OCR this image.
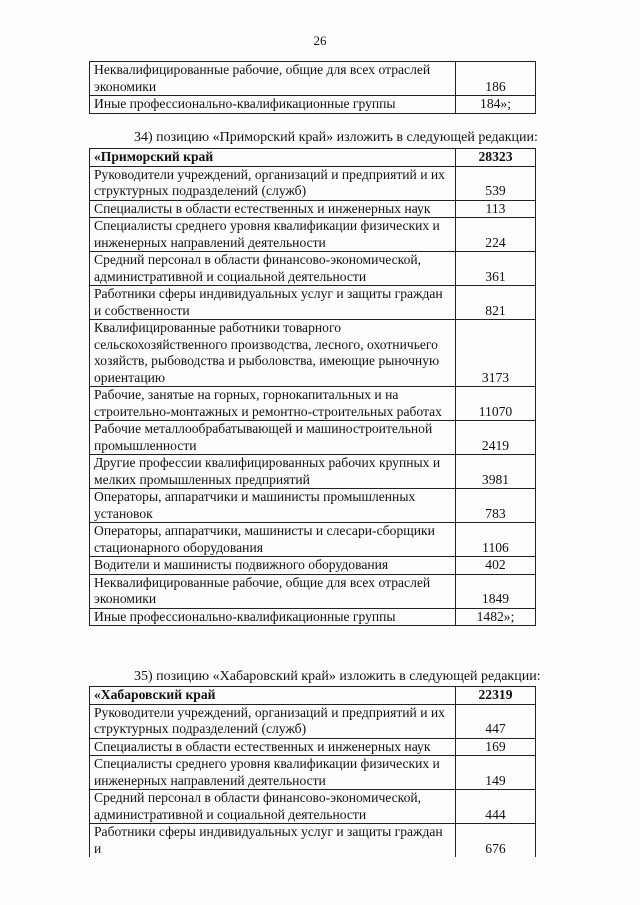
26
Неквалифицированные рабочие, общие для всех отраслей экономики	186
Иные профессионально-квалификационные группы	184»;
34) позицию «Приморский край» изложить в следующей редакции:
«Приморский край	28323
Руководители учреждений, организаций и предприятий и их структурных подразделений (служб)	539
Специалисты в области естественных и инженерных наук	113
Специалисты среднего уровня квалификации физических и инженерных направлений деятельности	224
Средний персонал в области финансово-экономической, административной и социальной деятельности	361
Работники сферы индивидуальных услуг и защиты граждан и собственности	821
Квалифицированные работники товарного сельскохозяйственного производства, лесного, охотничьего хозяйств, рыбоводства и рыболовства, имеющие рыночную ориентацию	3173
Рабочие, занятые на горных, горнокапитальных и на строительно-монтажных и ремонтно-строительных работах	11070
Рабочие металлообрабатывающей и машиностроительной промышленности	2419
Другие профессии квалифицированных рабочих крупных и мелких промышленных предприятий	3981
Операторы, аппаратчики и машинисты промышленных установок	783
Операторы, аппаратчики, машинисты и слесари-сборщики стационарного оборудования	1106
Водители и машинисты подвижного оборудования	402
Неквалифицированные рабочие, общие для всех отраслей экономики	1849
Иные профессионально-квалификационные группы	1482»;
35) позицию «Хабаровский край» изложить в следующей редакции:
«Хабаровский край	22319
Руководители учреждений, организаций и предприятий и их структурных подразделений (служб)	447
Специалисты в области естественных и инженерных наук	169
Специалисты среднего уровня квалификации физических и инженерных направлений деятельности	149
Средний персонал в области финансово-экономической, административной и социальной деятельности	444
Работники сферы индивидуальных услуг и защиты граждан и	676
